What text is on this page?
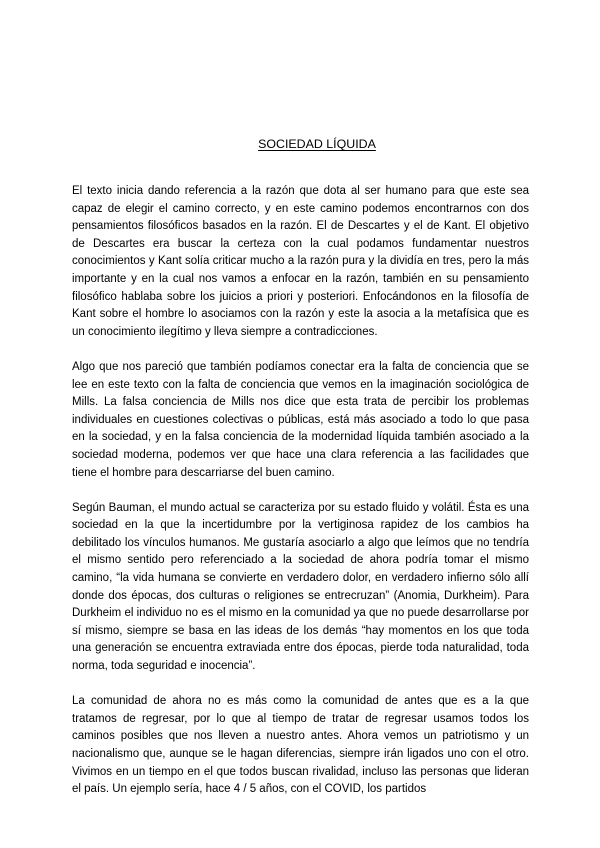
SOCIEDAD LÍQUIDA

El texto inicia dando referencia a la razón que dota al ser humano para que este sea capaz de elegir el camino correcto, y en este camino podemos encontrarnos con dos pensamientos filosóficos basados en la razón. El de Descartes y el de Kant. El objetivo de Descartes era buscar la certeza con la cual podamos fundamentar nuestros conocimientos y Kant solía criticar mucho a la razón pura y la dividía en tres, pero la más importante y en la cual nos vamos a enfocar en la razón, también en su pensamiento filosófico hablaba sobre los juicios a priori y posteriori. Enfocándonos en la filosofía de Kant sobre el hombre lo asociamos con la razón y este la asocia a la metafísica que es un conocimiento ilegítimo y lleva siempre a contradicciones.

Algo que nos pareció que también podíamos conectar era la falta de conciencia que se lee en este texto con la falta de conciencia que vemos en la imaginación sociológica de Mills. La falsa conciencia de Mills nos dice que esta trata de percibir los problemas individuales en cuestiones colectivas o públicas, está más asociado a todo lo que pasa en la sociedad, y en la falsa conciencia de la modernidad líquida también asociado a la sociedad moderna, podemos ver que hace una clara referencia a las facilidades que tiene el hombre para descarriarse del buen camino.

Según Bauman, el mundo actual se caracteriza por su estado fluido y volátil. Ésta es una sociedad en la que la incertidumbre por la vertiginosa rapidez de los cambios ha debilitado los vínculos humanos. Me gustaría asociarlo a algo que leímos que no tendría el mismo sentido pero referenciado a la sociedad de ahora podría tomar el mismo camino, “la vida humana se convierte en verdadero dolor, en verdadero infierno sólo allí donde dos épocas, dos culturas o religiones se entrecruzan” (Anomia, Durkheim). Para Durkheim el individuo no es el mismo en la comunidad ya que no puede desarrollarse por sí mismo, siempre se basa en las ideas de los demás “hay momentos en los que toda una generación se encuentra extraviada entre dos épocas, pierde toda naturalidad, toda norma, toda seguridad e inocencia”.

La comunidad de ahora no es más como la comunidad de antes que es a la que tratamos de regresar, por lo que al tiempo de tratar de regresar usamos todos los caminos posibles que nos lleven a nuestro antes. Ahora vemos un patriotismo y un nacionalismo que, aunque se le hagan diferencias, siempre irán ligados uno con el otro. Vivimos en un tiempo en el que todos buscan rivalidad, incluso las personas que lideran el país. Un ejemplo sería, hace 4 / 5 años, con el COVID, los partidos
